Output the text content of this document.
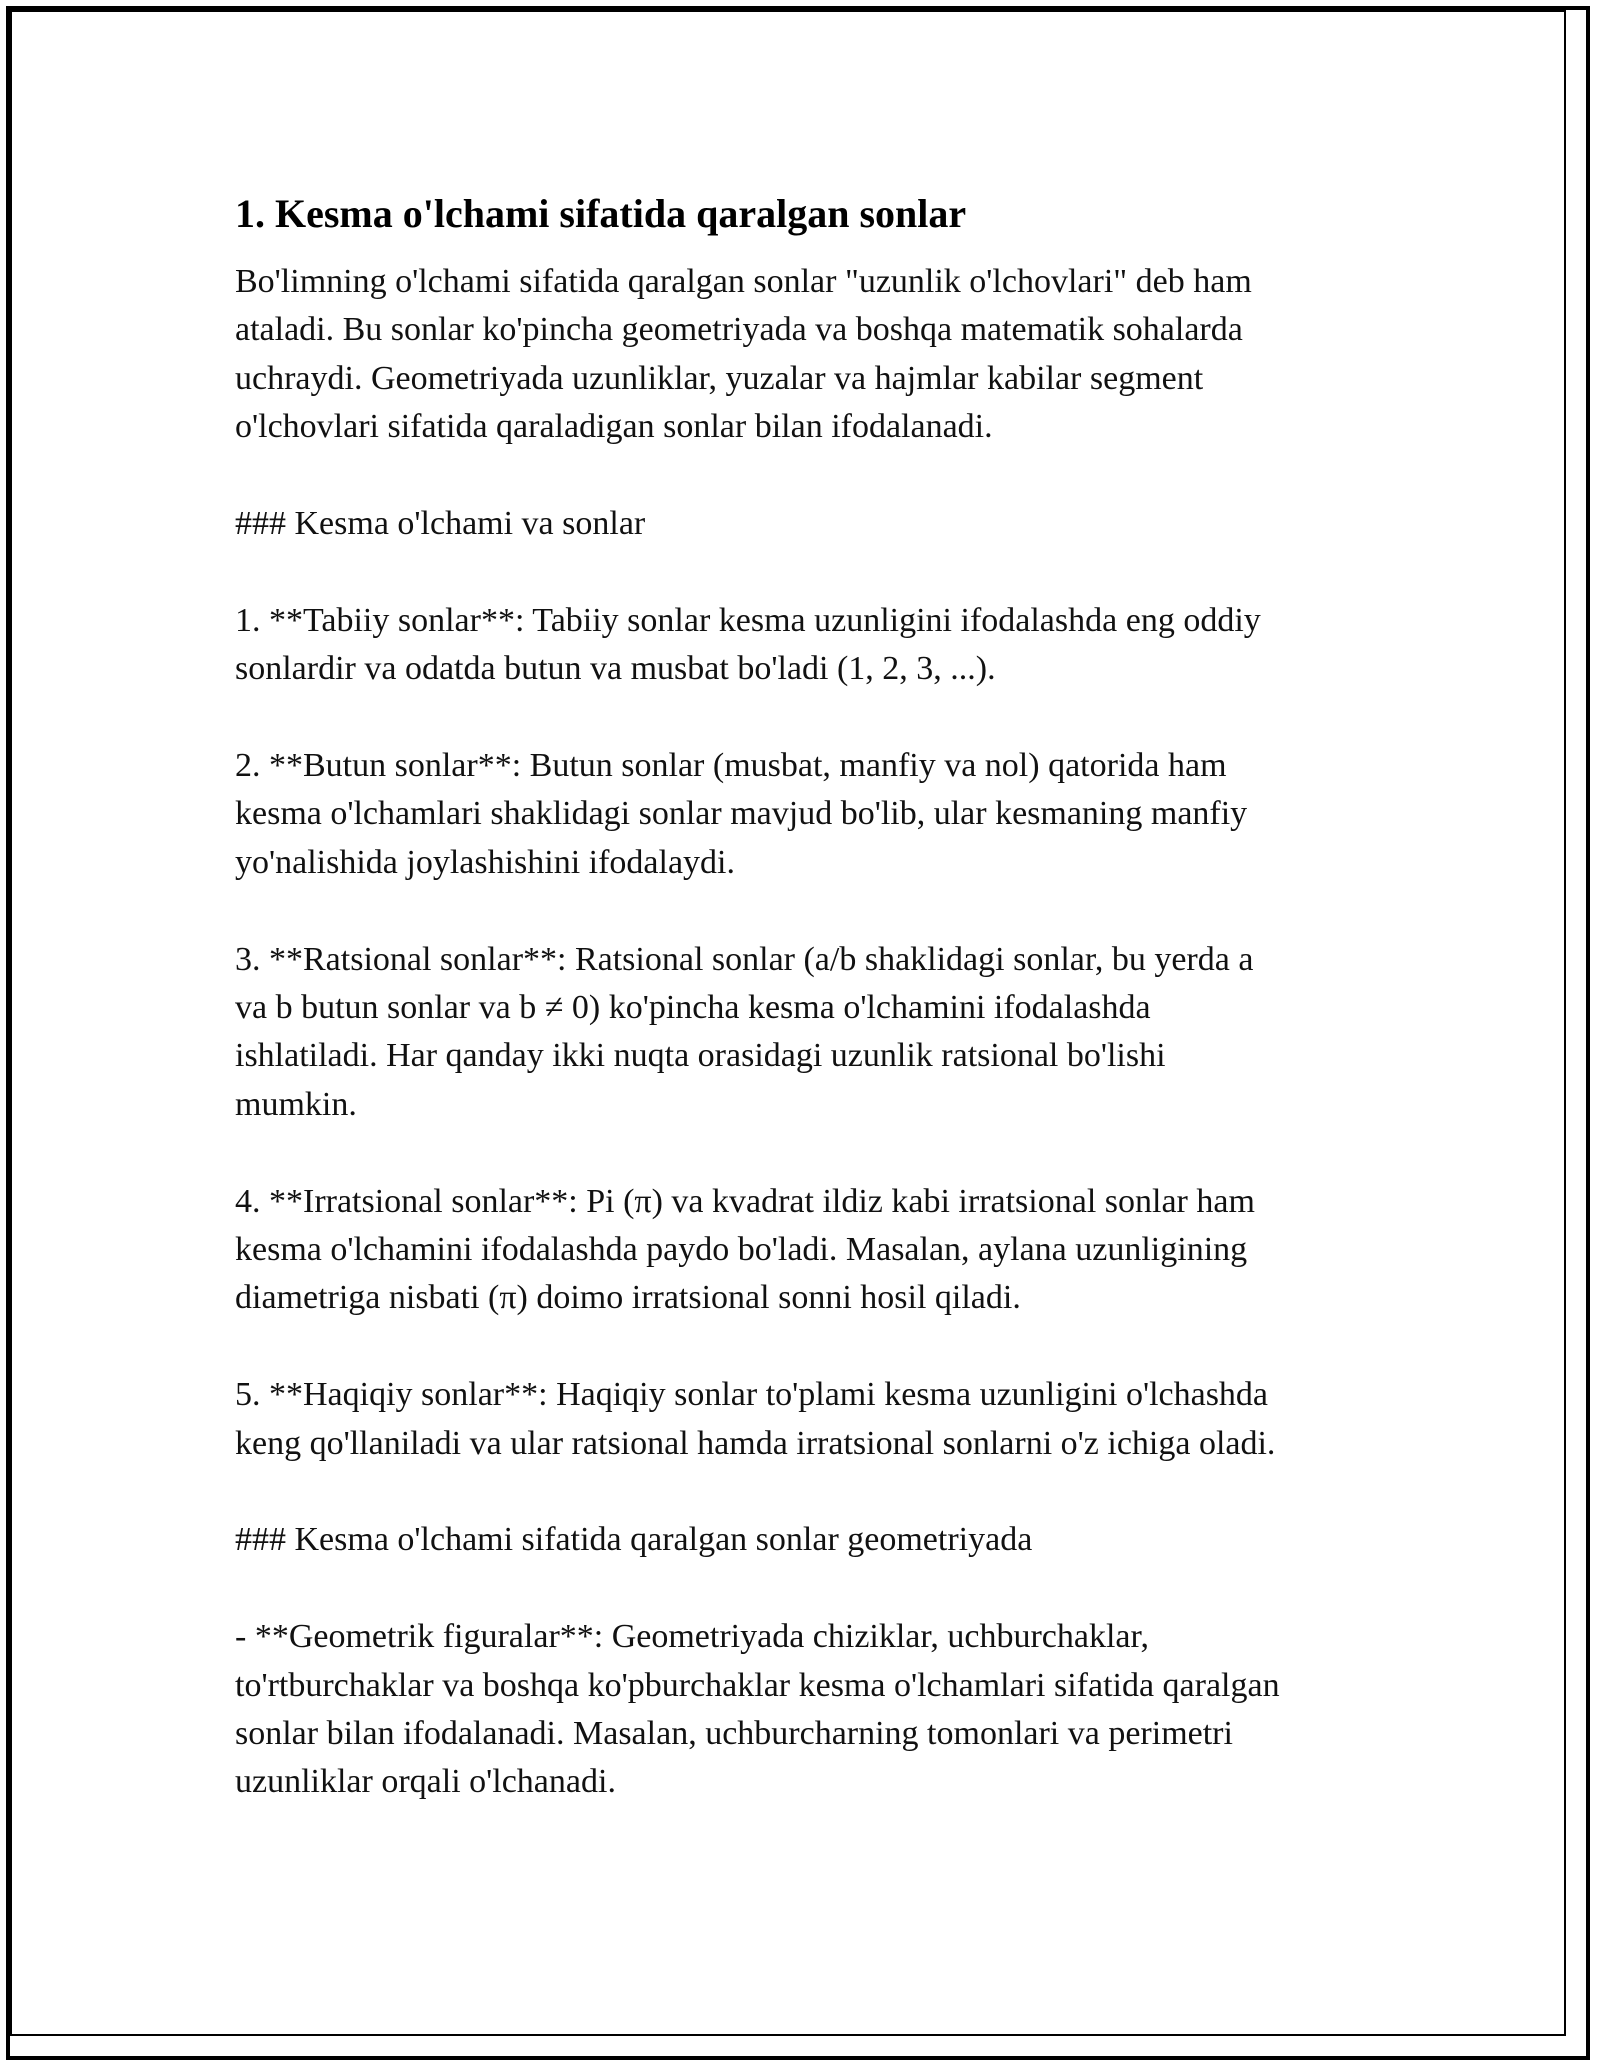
1. Kesma o'lchami sifatida qaralgan sonlar

Bo'limning o'lchami sifatida qaralgan sonlar "uzunlik o'lchovlari" deb ham
ataladi. Bu sonlar ko'pincha geometriyada va boshqa matematik sohalarda
uchraydi. Geometriyada uzunliklar, yuzalar va hajmlar kabilar segment
o'lchovlari sifatida qaraladigan sonlar bilan ifodalanadi.

### Kesma o'lchami va sonlar

1. **Tabiiy sonlar**: Tabiiy sonlar kesma uzunligini ifodalashda eng oddiy
sonlardir va odatda butun va musbat bo'ladi (1, 2, 3, ...).

2. **Butun sonlar**: Butun sonlar (musbat, manfiy va nol) qatorida ham
kesma o'lchamlari shaklidagi sonlar mavjud bo'lib, ular kesmaning manfiy
yo'nalishida joylashishini ifodalaydi.

3. **Ratsional sonlar**: Ratsional sonlar (a/b shaklidagi sonlar, bu yerda a
va b butun sonlar va b ≠ 0) ko'pincha kesma o'lchamini ifodalashda
ishlatiladi. Har qanday ikki nuqta orasidagi uzunlik ratsional bo'lishi
mumkin.

4. **Irratsional sonlar**: Pi (π) va kvadrat ildiz kabi irratsional sonlar ham
kesma o'lchamini ifodalashda paydo bo'ladi. Masalan, aylana uzunligining
diametriga nisbati (π) doimo irratsional sonni hosil qiladi.

5. **Haqiqiy sonlar**: Haqiqiy sonlar to'plami kesma uzunligini o'lchashda
keng qo'llaniladi va ular ratsional hamda irratsional sonlarni o'z ichiga oladi.

### Kesma o'lchami sifatida qaralgan sonlar geometriyada

- **Geometrik figuralar**: Geometriyada chiziklar, uchburchaklar,
to'rtburchaklar va boshqa ko'pburchaklar kesma o'lchamlari sifatida qaralgan
sonlar bilan ifodalanadi. Masalan, uchburcharning tomonlari va perimetri
uzunliklar orqali o'lchanadi.
